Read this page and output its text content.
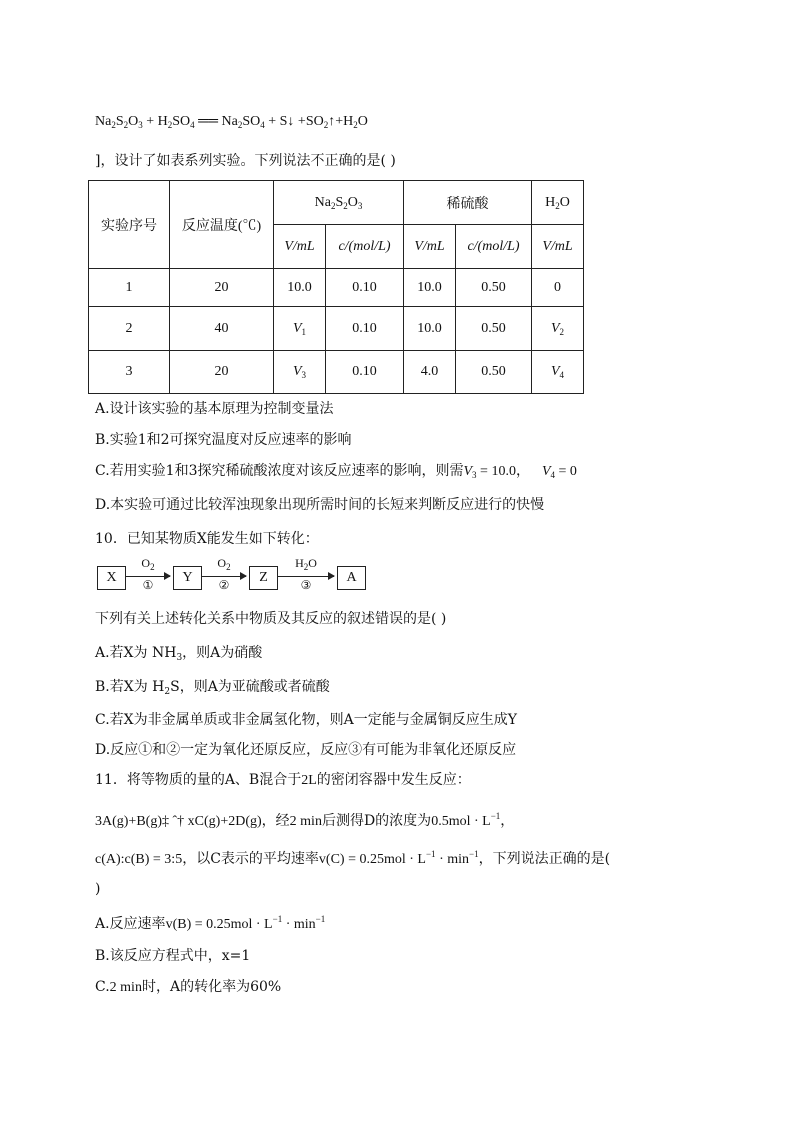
$Na_2S_2O_3 + H_2SO_4$ ══ $Na_2SO_4$ + S↓ $+SO_2↑+H_2O$
]，设计了如表系列实验。下列说法不正确的是( )
实验序号	反应温度(℃)	$Na_2S_2O_3$		稀硫酸		$H_2O$
		V/mL	c/(mol/L)	V/mL	c/(mol/L)	V/mL
1	20	10.0	0.10	10.0	0.50	0
2	40	$V_1$	0.10	10.0	0.50	$V_2$
3	20	$V_3$	0.10	4.0	0.50	$V_4$
A.设计该实验的基本原理为控制变量法
B.实验1和2可探究温度对反应速率的影响
C.若用实验1和3探究稀硫酸浓度对该反应速率的影响，则需$V_3 = 10.0$， $V_4 = 0$
D.本实验可通过比较浑浊现象出现所需时间的长短来判断反应进行的快慢
10．已知某物质X能发生如下转化：
X
$O_2$
①	Y
$O_2$
②	Z
$H_2O$
③	A
下列有关上述转化关系中物质及其反应的叙述错误的是( )
A.若X为 $NH_3$，则A为硝酸
B.若X为 $H_2S$，则A为亚硫酸或者硫酸
C.若X为非金属单质或非金属氢化物，则A一定能与金属铜反应生成Y
D.反应①和②一定为氧化还原反应，反应③有可能为非氧化还原反应
11．将等物质的量的A、B混合于2L的密闭容器中发生反应：
3A(g)+B(g)‡ ˆ† xC(g)+2D(g)，经2 min后测得D的浓度为$0.5mol \cdot L^{-1}$，
c(A):c(B) = 3:5，以C表示的平均速率$v(C) = 0.25mol \cdot L^{-1} \cdot \min^{-1}$，下列说法正确的是(
)
A.反应速率$v(B) = 0.25mol \cdot L^{-1} \cdot \min^{-1}$
B.该反应方程式中，x=1
C.2 min时，A的转化率为60%
